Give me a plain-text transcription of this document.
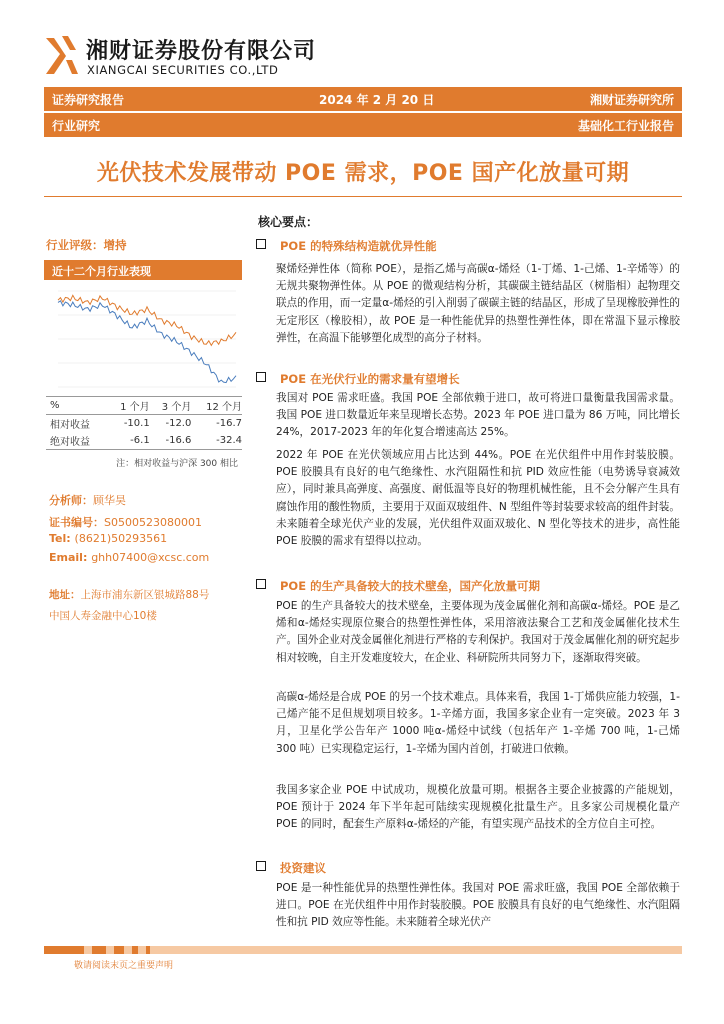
湘财证券股份有限公司
XIANGCAI SECURITIES CO.,LTD
证券研究报告	2024 年 2 月 20 日	湘财证券研究所
行业研究	基础化工行业报告
光伏技术发展带动 POE 需求，POE 国产化放量可期
行业评级：增持
近十二个月行业表现
%	1 个月	3 个月	12 个月
相对收益	-10.1	-12.0	-16.7
绝对收益	-6.1	-16.6	-32.4
注：相对收益与沪深 300 相比
分析师：顾华昊
证书编号：S0500523080001
Tel: (8621)50293561
Email: ghh07400@xcsc.com
地址：上海市浦东新区银城路88号
中国人寿金融中心10楼
核心要点：
POE 的特殊结构造就优异性能
聚烯烃弹性体（简称 POE），是指乙烯与高碳α-烯烃（1-丁烯、1-己烯、1-辛烯等）的无规共聚物弹性体。从 POE 的微观结构分析，其碳碳主链结晶区（树脂相）起物理交联点的作用，而一定量α-烯烃的引入削弱了碳碳主链的结晶区，形成了呈现橡胶弹性的无定形区（橡胶相），故 POE 是一种性能优异的热塑性弹性体，即在常温下显示橡胶弹性，在高温下能够塑化成型的高分子材料。
POE 在光伏行业的需求量有望增长
我国对 POE 需求旺盛。我国 POE 全部依赖于进口，故可将进口量衡量我国需求量。我国 POE 进口数量近年来呈现增长态势。2023 年 POE 进口量为 86 万吨，同比增长 24%，2017-2023 年的年化复合增速高达 25%。
2022 年 POE 在光伏领域应用占比达到 44%。POE 在光伏组件中用作封装胶膜。POE 胶膜具有良好的电气绝缘性、水汽阻隔性和抗 PID 效应性能（电势诱导衰减效应），同时兼具高弹度、高强度、耐低温等良好的物理机械性能，且不会分解产生具有腐蚀作用的酸性物质，主要用于双面双玻组件、N 型组件等封装要求较高的组件封装。未来随着全球光伏产业的发展，光伏组件双面双玻化、N 型化等技术的进步，高性能 POE 胶膜的需求有望得以拉动。
POE 的生产具备较大的技术壁垒，国产化放量可期
POE 的生产具备较大的技术壁垒，主要体现为茂金属催化剂和高碳α-烯烃。POE 是乙烯和α-烯烃实现原位聚合的热塑性弹性体，采用溶液法聚合工艺和茂金属催化技术生产。国外企业对茂金属催化剂进行严格的专利保护。我国对于茂金属催化剂的研究起步相对较晚，自主开发难度较大，在企业、科研院所共同努力下，逐渐取得突破。
高碳α-烯烃是合成 POE 的另一个技术难点。具体来看，我国 1-丁烯供应能力较强，1-己烯产能不足但规划项目较多。1-辛烯方面，我国多家企业有一定突破。2023 年 3 月，卫星化学公告年产 1000 吨α-烯烃中试线（包括年产 1-辛烯 700 吨，1-己烯 300 吨）已实现稳定运行，1-辛烯为国内首创，打破进口依赖。
我国多家企业 POE 中试成功，规模化放量可期。根据各主要企业披露的产能规划，POE 预计于 2024 年下半年起可陆续实现规模化批量生产。且多家公司规模化量产 POE 的同时，配套生产原料α-烯烃的产能，有望实现产品技术的全方位自主可控。
投资建议
POE 是一种性能优异的热塑性弹性体。我国对 POE 需求旺盛，我国 POE 全部依赖于进口。POE 在光伏组件中用作封装胶膜。POE 胶膜具有良好的电气绝缘性、水汽阻隔性和抗 PID 效应等性能。未来随着全球光伏产
敬请阅读末页之重要声明
